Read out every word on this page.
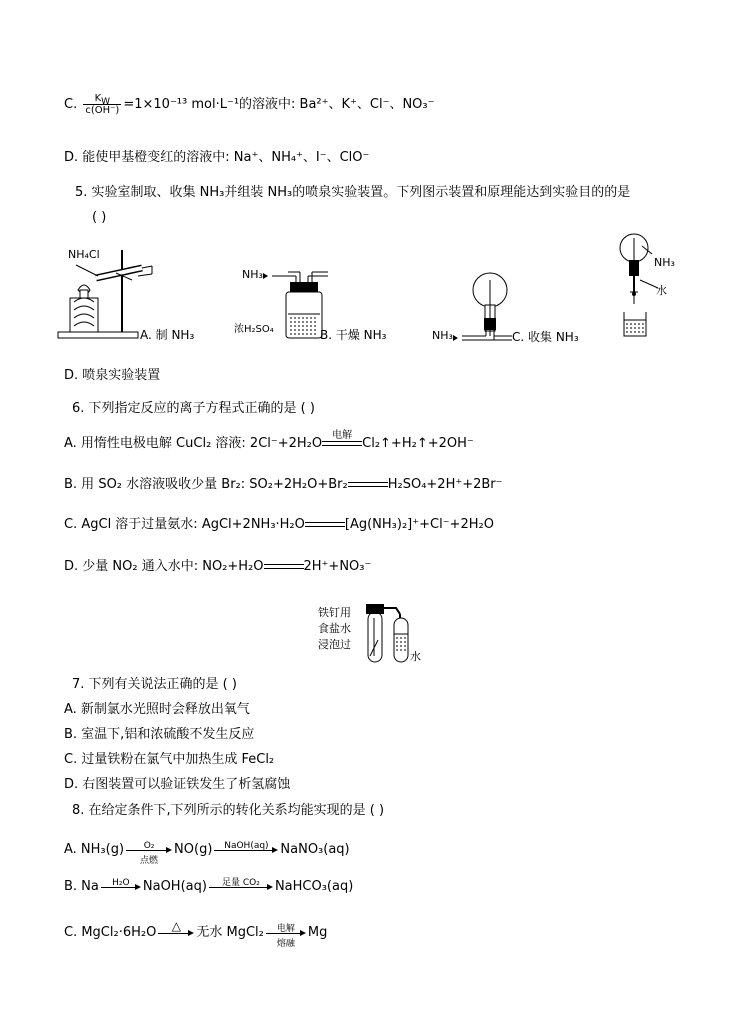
C. $\frac{K_W}{c(OH^-)} =1\times 10^{-13}$ mol·L⁻¹的溶液中: Ba²⁺、K⁺、Cl⁻、NO₃⁻
D. 能使甲基橙变红的溶液中: Na⁺、NH₄⁺、I⁻、ClO⁻
5. 实验室制取、收集 NH₃并组装 NH₃的喷泉实验装置。下列图示装置和原理能达到实验目的的是
( )
NH₄Cl
A. 制 NH₃
NH₃
浓H₂SO₄	B. 干燥 NH₃	NH₃	C. 收集 NH₃
NH₃
水
D. 喷泉实验装置
6. 下列指定反应的离子方程式正确的是 ( )
A. 用惰性电极电解 CuCl₂ 溶液: 2Cl⁻+2H₂O
电解
Cl₂↑+H₂↑+2OH⁻
B. 用 SO₂ 水溶液吸收少量 Br₂: SO₂+2H₂O+Br₂	H₂SO₄+2H⁺+2Br⁻
C. AgCl 溶于过量氨水: AgCl+2NH₃·H₂O	[Ag(NH₃)₂]⁺+Cl⁻+2H₂O
D. 少量 NO₂ 通入水中: NO₂+H₂O	2H⁺+NO₃⁻
铁钉用
食盐水
浸泡过
水
7. 下列有关说法正确的是 ( )
A. 新制氯水光照时会释放出氧气
B. 室温下,铝和浓硫酸不发生反应
C. 过量铁粉在氯气中加热生成 FeCl₂
D. 右图装置可以验证铁发生了析氢腐蚀
8. 在给定条件下,下列所示的转化关系均能实现的是 ( )
A. NH₃(g)	O₂
点燃
NO(g)	NaOH(aq) NaNO₃(aq)
B. Na	H₂O	NaOH(aq)	足量 CO₂	NaHCO₃(aq)
C. MgCl₂·6H₂O	△	无水 MgCl₂	电解
熔融
Mg
